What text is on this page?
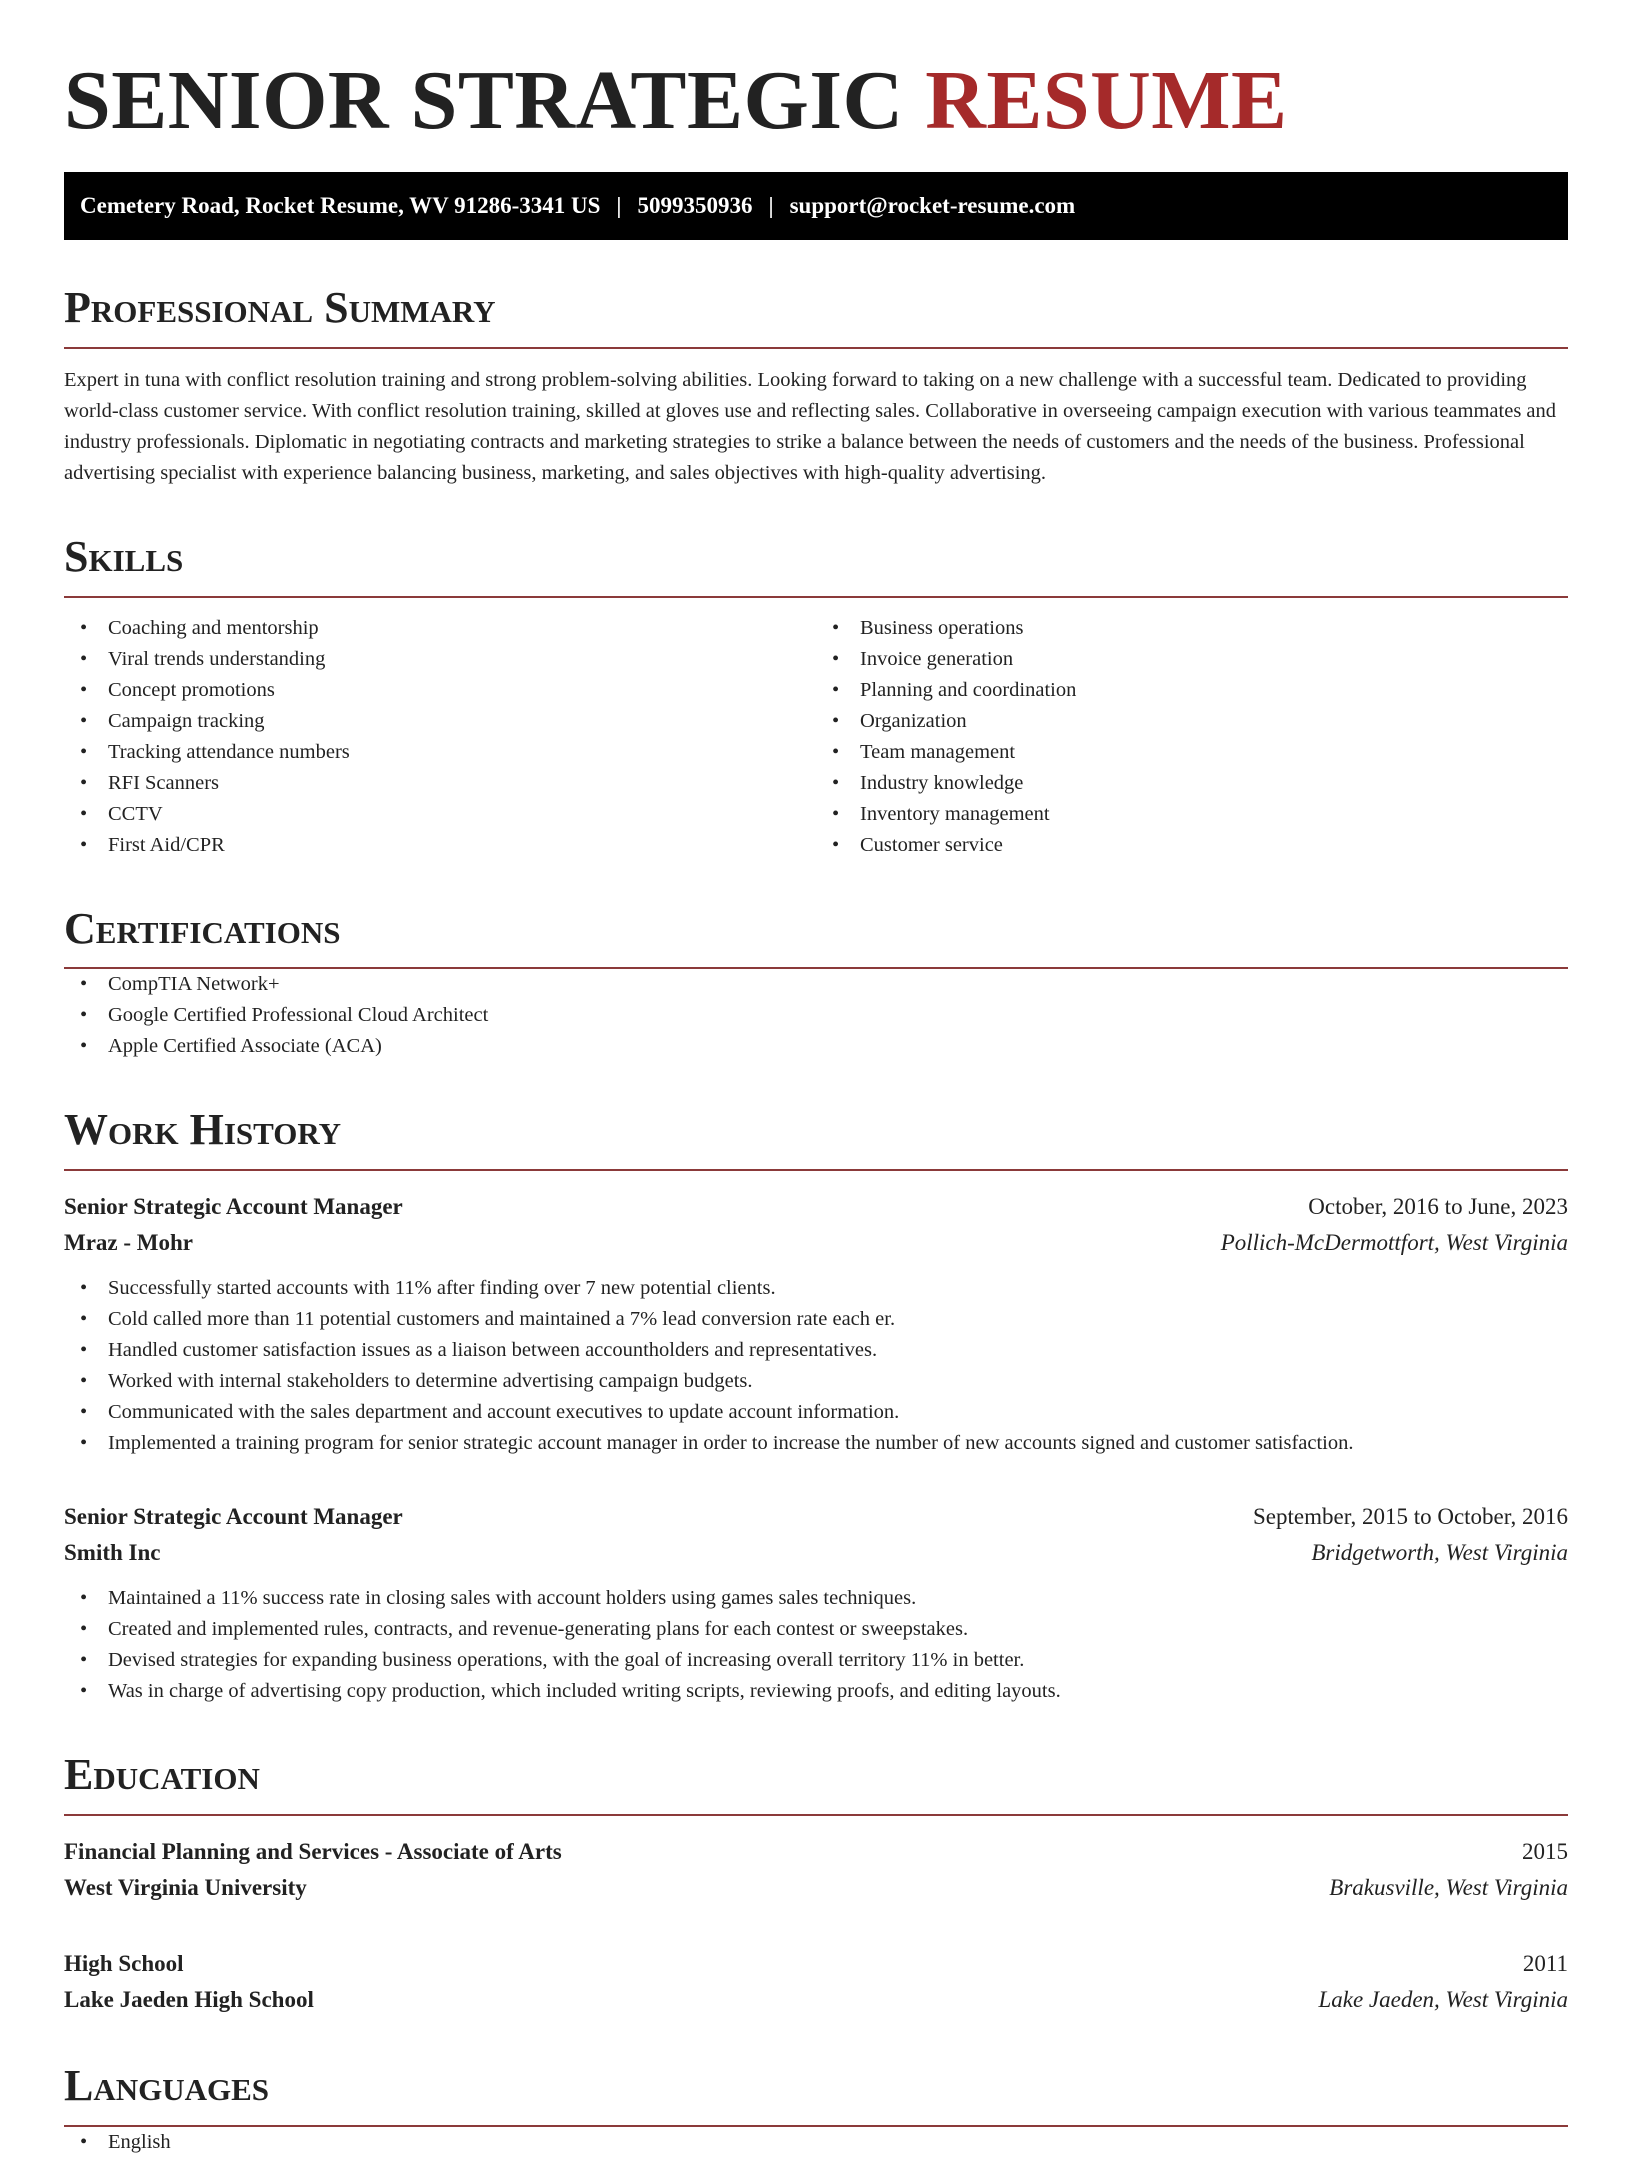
SENIOR STRATEGIC RESUME
Cemetery Road, Rocket Resume, WV 91286-3341 US | 5099350936 | support@rocket-resume.com
Professional Summary

Expert in tuna with conflict resolution training and strong problem-solving abilities. Looking forward to taking on a new challenge with a successful team. Dedicated to providing world-class customer service. With conflict resolution training, skilled at gloves use and reflecting sales. Collaborative in overseeing campaign execution with various teammates and industry professionals. Diplomatic in negotiating contracts and marketing strategies to strike a balance between the needs of customers and the needs of the business. Professional advertising specialist with experience balancing business, marketing, and sales objectives with high-quality advertising.

Skills
• Coaching and mentorship
• Viral trends understanding
• Concept promotions
• Campaign tracking
• Tracking attendance numbers
• RFI Scanners
• CCTV
• First Aid/CPR
• Business operations
• Invoice generation
• Planning and coordination
• Organization
• Team management
• Industry knowledge
• Inventory management
• Customer service
Certifications
• CompTIA Network+
• Google Certified Professional Cloud Architect
• Apple Certified Associate (ACA)
Work History
Senior Strategic Account Manager	October, 2016 to June, 2023
Mraz - Mohr	Pollich-McDermottfort, West Virginia
• Successfully started accounts with 11% after finding over 7 new potential clients.
• Cold called more than 11 potential customers and maintained a 7% lead conversion rate each er.
• Handled customer satisfaction issues as a liaison between accountholders and representatives.
• Worked with internal stakeholders to determine advertising campaign budgets.
• Communicated with the sales department and account executives to update account information.
• Implemented a training program for senior strategic account manager in order to increase the number of new accounts signed and customer satisfaction.
Senior Strategic Account Manager	September, 2015 to October, 2016
Smith Inc	Bridgetworth, West Virginia
• Maintained a 11% success rate in closing sales with account holders using games sales techniques.
• Created and implemented rules, contracts, and revenue-generating plans for each contest or sweepstakes.
• Devised strategies for expanding business operations, with the goal of increasing overall territory 11% in better.
• Was in charge of advertising copy production, which included writing scripts, reviewing proofs, and editing layouts.
Education
Financial Planning and Services - Associate of Arts	2015
West Virginia University	Brakusville, West Virginia
High School	2011
Lake Jaeden High School	Lake Jaeden, West Virginia
Languages
• English
